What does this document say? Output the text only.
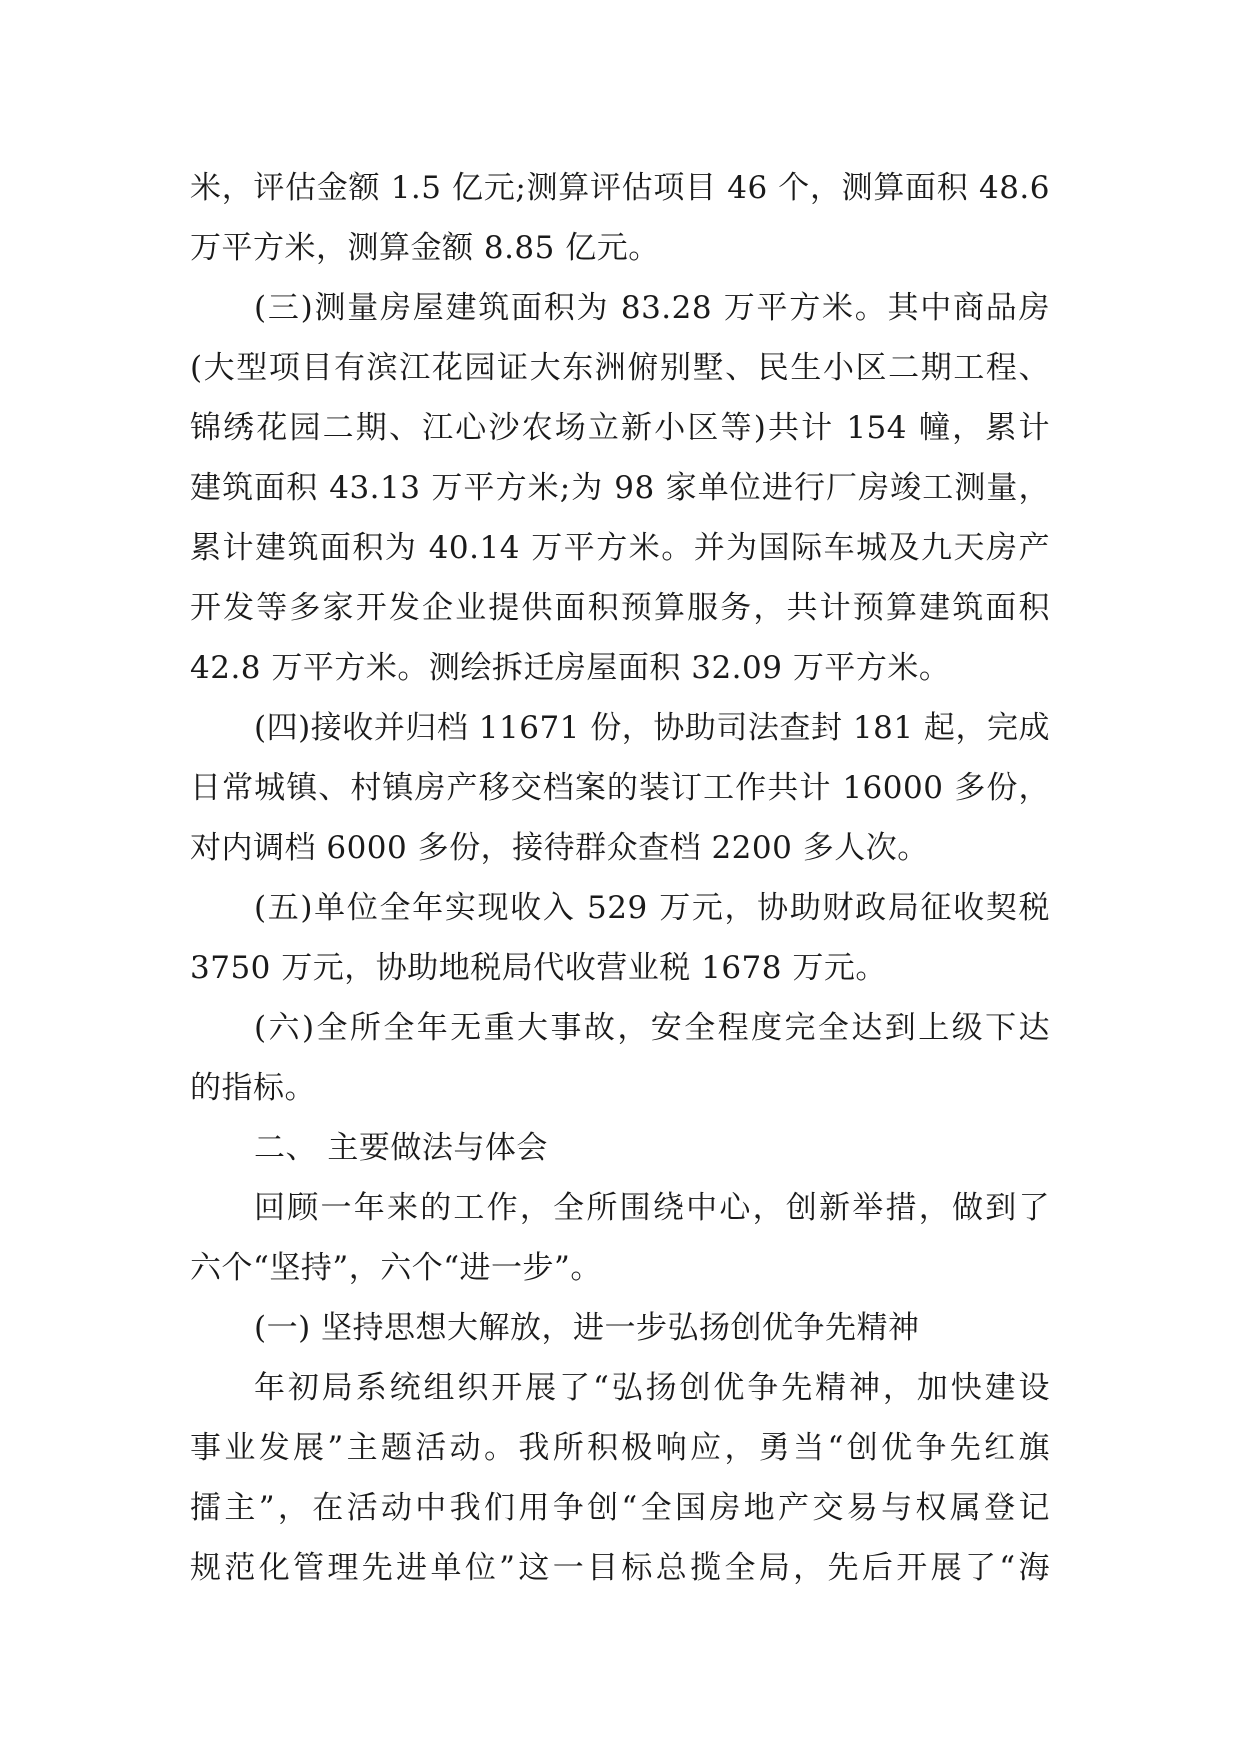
米，评估金额 1.5 亿元;测算评估项目 46 个，测算面积 48.6
万平方米，测算金额 8.85 亿元。
(三)测量房屋建筑面积为 83.28 万平方米。其中商品房
(大型项目有滨江花园证大东洲俯别墅、民生小区二期工程、
锦绣花园二期、江心沙农场立新小区等)共计 154 幢，累计
建筑面积 43.13 万平方米;为 98 家单位进行厂房竣工测量，
累计建筑面积为 40.14 万平方米。并为国际车城及九天房产
开发等多家开发企业提供面积预算服务，共计预算建筑面积
42.8 万平方米。测绘拆迁房屋面积 32.09 万平方米。
(四)接收并归档 11671 份，协助司法查封 181 起，完成
日常城镇、村镇房产移交档案的装订工作共计 16000 多份，
对内调档 6000 多份，接待群众查档 2200 多人次。
(五)单位全年实现收入 529 万元，协助财政局征收契税
3750 万元，协助地税局代收营业税 1678 万元。
(六)全所全年无重大事故，安全程度完全达到上级下达
的指标。
二、 主要做法与体会
回顾一年来的工作，全所围绕中心，创新举措，做到了
六个“坚持”，六个“进一步”。
(一) 坚持思想大解放，进一步弘扬创优争先精神
年初局系统组织开展了“弘扬创优争先精神，加快建设
事业发展”主题活动。我所积极响应，勇当“创优争先红旗
擂主”，在活动中我们用争创“全国房地产交易与权属登记
规范化管理先进单位”这一目标总揽全局，先后开展了“海
